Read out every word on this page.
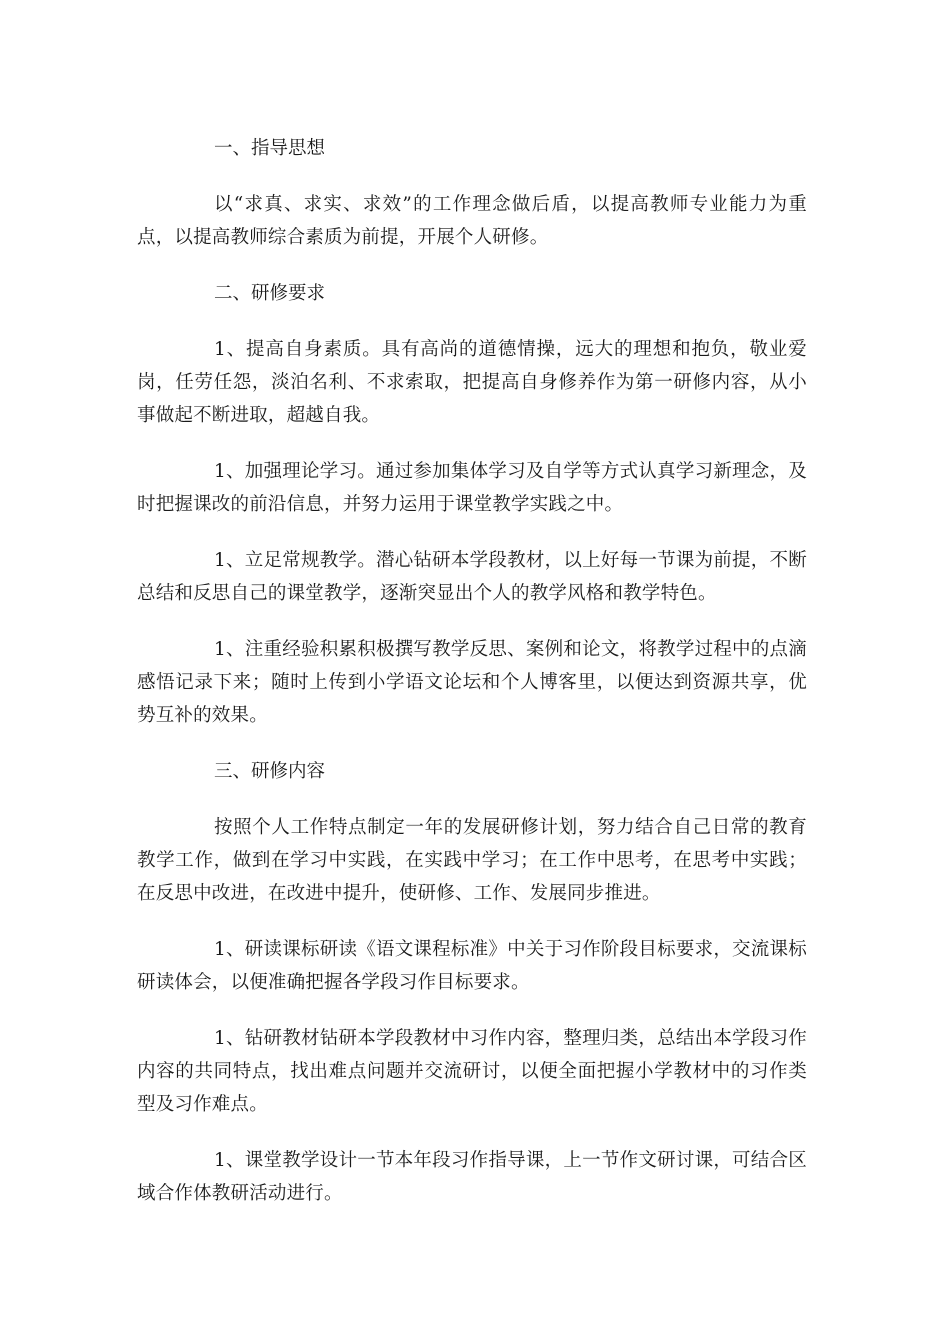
一、指导思想

以“求真、求实、求效”的工作理念做后盾，以提高教师专业能力为重点，以提高教师综合素质为前提，开展个人研修。

二、研修要求

1、提高自身素质。具有高尚的道德情操，远大的理想和抱负，敬业爱岗，任劳任怨，淡泊名利、不求索取，把提高自身修养作为第一研修内容，从小事做起不断进取，超越自我。

1、加强理论学习。通过参加集体学习及自学等方式认真学习新理念，及时把握课改的前沿信息，并努力运用于课堂教学实践之中。

1、立足常规教学。潜心钻研本学段教材，以上好每一节课为前提，不断总结和反思自己的课堂教学，逐渐突显出个人的教学风格和教学特色。

1、注重经验积累积极撰写教学反思、案例和论文，将教学过程中的点滴感悟记录下来；随时上传到小学语文论坛和个人博客里，以便达到资源共享，优势互补的效果。

三、研修内容

按照个人工作特点制定一年的发展研修计划，努力结合自己日常的教育教学工作，做到在学习中实践，在实践中学习；在工作中思考，在思考中实践；在反思中改进，在改进中提升，使研修、工作、发展同步推进。

1、研读课标研读《语文课程标准》中关于习作阶段目标要求，交流课标研读体会，以便准确把握各学段习作目标要求。

1、钻研教材钻研本学段教材中习作内容，整理归类，总结出本学段习作内容的共同特点，找出难点问题并交流研讨，以便全面把握小学教材中的习作类型及习作难点。

1、课堂教学设计一节本年段习作指导课，上一节作文研讨课，可结合区域合作体教研活动进行。
